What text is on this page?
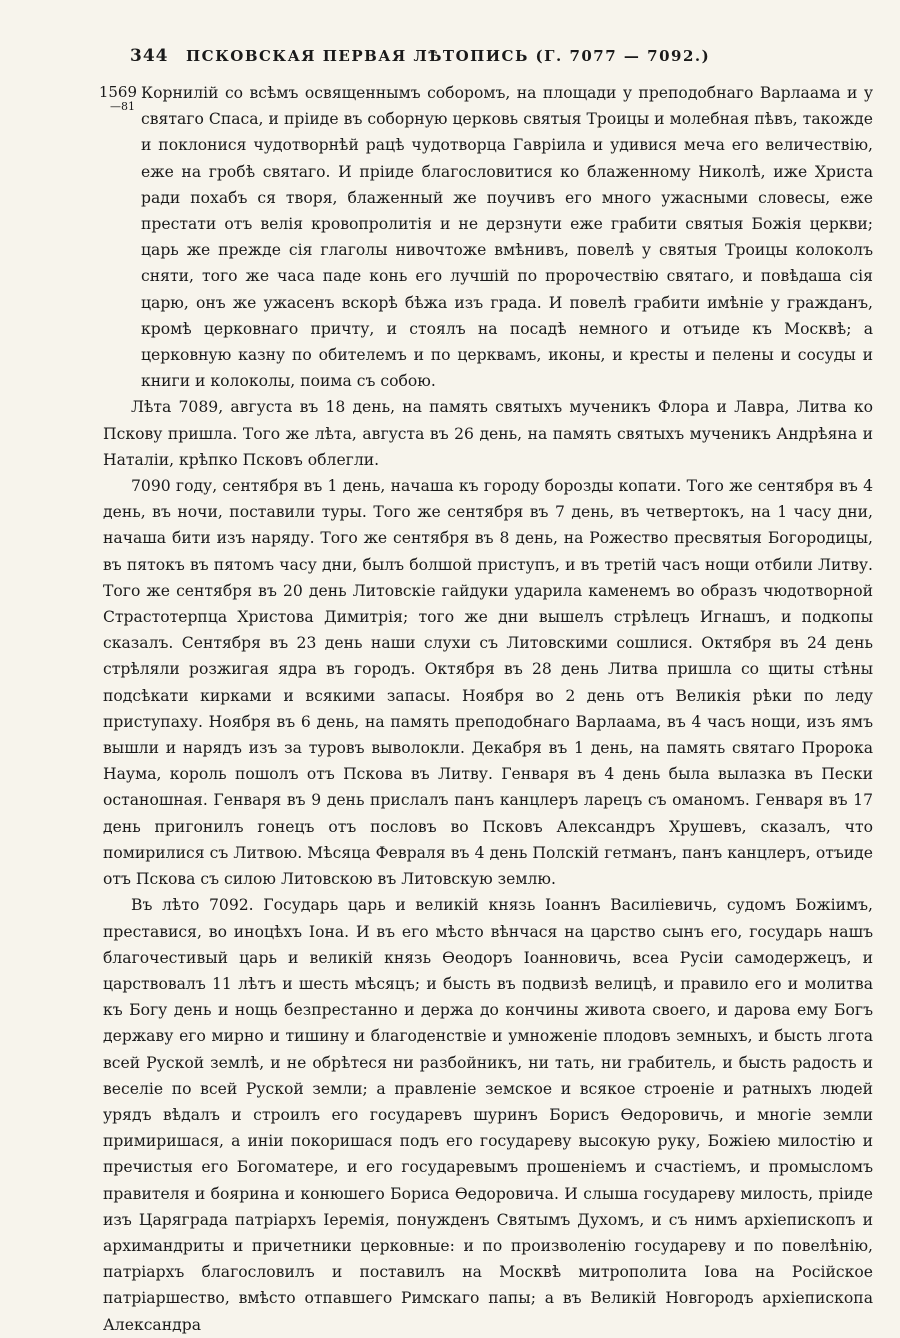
344 ПСКОВСКАЯ ПЕРВАЯ ЛѢТОПИСЬ (Г. 7077 — 7092.)
1569
—81

Корнилій со всѣмъ освященнымъ соборомъ, на площади у преподобнаго Варлаама и у святаго Спаса, и пріиде въ соборную церковь святыя Троицы и молебная пѣвъ, такожде и поклонися чудотворнѣй рацѣ чудотворца Гавріила и удивися меча его величествію, еже на гробѣ святаго. И пріиде благословитися ко блаженному Николѣ, иже Христа ради похабъ ся творя, блаженный же поучивъ его много ужасными словесы, еже престати отъ велія кровопролитія и не дерзнути еже грабити святыя Божія церкви; царь же прежде сія глаголы нивочтоже вмѣнивъ, повелѣ у святыя Троицы колоколъ сняти, того же часа паде конь его лучшій по пророчествію святаго, и повѣдаша сія царю, онъ же ужасенъ вскорѣ бѣжа изъ града. И повелѣ грабити имѣніе у гражданъ, кромѣ церковнаго причту, и стоялъ на посадѣ немного и отъиде къ Москвѣ; а церковную казну по обителемъ и по церквамъ, иконы, и кресты и пелены и сосуды и книги и колоколы, поима съ собою.

Лѣта 7089, августа въ 18 день, на память святыхъ мученикъ Флора и Лавра, Литва ко Пскову пришла. Того же лѣта, августа въ 26 день, на память святыхъ мученикъ Андрѣяна и Наталіи, крѣпко Псковъ облегли.

7090 году, сентября въ 1 день, начаша къ городу борозды копати. Того же сентября въ 4 день, въ ночи, поставили туры. Того же сентября въ 7 день, въ четвертокъ, на 1 часу дни, начаша бити изъ наряду. Того же сентября въ 8 день, на Рожество пресвятыя Богородицы, въ пятокъ въ пятомъ часу дни, былъ болшой приступъ, и въ третій часъ нощи отбили Литву. Того же сентября въ 20 день Литовскіе гайдуки ударила каменемъ во образъ чюдотворной Страстотерпца Христова Димитрія; того же дни вышелъ стрѣлецъ Игнашъ, и подкопы сказалъ. Сентября въ 23 день наши слухи съ Литовскими сошлися. Октября въ 24 день стрѣляли розжигая ядра въ городъ. Октября въ 28 день Литва пришла со щиты стѣны подсѣкати кирками и всякими запасы. Ноября во 2 день отъ Великія рѣки по леду приступаху. Ноября въ 6 день, на память преподобнаго Варлаама, въ 4 часъ нощи, изъ ямъ вышли и нарядъ изъ за туровъ выволокли. Декабря въ 1 день, на память святаго Пророка Наума, король пошолъ отъ Пскова въ Литву. Генваря въ 4 день была вылазка въ Пески останошная. Генваря въ 9 день прислалъ панъ канцлеръ ларецъ съ оманомъ. Генваря въ 17 день пригонилъ гонецъ отъ пословъ во Псковъ Александръ Хрушевъ, сказалъ, что помирилися съ Литвою. Мѣсяца Февраля въ 4 день Полскій гетманъ, панъ канцлеръ, отъиде отъ Пскова съ силою Литовскою въ Литовскую землю.

Въ лѣто 7092. Государь царь и великій князь Іоаннъ Василіевичь, судомъ Божіимъ, преставися, во иноцѣхъ Іона. И въ его мѣсто вѣнчася на царство сынъ его, государь нашъ благочестивый царь и великій князь Ѳеодоръ Іоанновичь, всеа Русіи самодержецъ, и царствовалъ 11 лѣтъ и шесть мѣсяцъ; и бысть въ подвизѣ велицѣ, и правило его и молитва къ Богу день и нощь безпрестанно и держа до кончины живота своего, и дарова ему Богъ державу его мирно и тишину и благоденствіе и умноженіе плодовъ земныхъ, и бысть лгота всей Руской землѣ, и не обрѣтеся ни разбойникъ, ни тать, ни грабитель, и бысть радость и веселіе по всей Руской земли; а правленіе земское и всякое строеніе и ратныхъ людей урядъ вѣдалъ и строилъ его государевъ шуринъ Борисъ Ѳедоровичь, и многіе земли примиришася, а иніи покоришася подъ его государеву высокую руку, Божіею милостію и пречистыя его Богоматере, и его государевымъ прошеніемъ и счастіемъ, и промысломъ правителя и боярина и конюшего Бориса Ѳедоровича. И слыша государеву милость, пріиде изъ Царяграда патріархъ Іеремія, понужденъ Святымъ Духомъ, и съ нимъ архіепископъ и архимандриты и причетники церковные: и по произволенію государеву и по повелѣнію, патріархъ благословилъ и поставилъ на Москвѣ митрополита Іова на Російское патріаршество, вмѣсто отпавшего Римскаго папы; а въ Великій Новгородъ архіепископа Александра
